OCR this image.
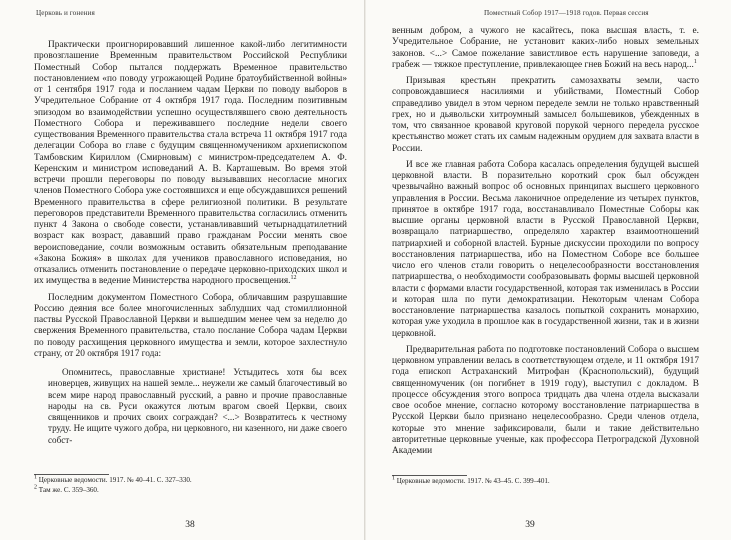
Церковь и гонения

Практически проигнорировавший лишенное какой-либо легитимности провозглашение Временным правительством Российской Республики Поместный Собор пытался поддержать Временное правительство постановлением «по поводу угрожающей Родине братоубийственной войны» от 1 сентября 1917 года и посланием чадам Церкви по поводу выборов в Учредительное Собрание от 4 октября 1917 года. Последним позитивным эпизодом во взаимодействии успешно осуществлявшего свою деятельность Поместного Собора и переживавшего последние недели своего существования Временного правительства стала встреча 11 октября 1917 года делегации Собора во главе с будущим священномучеником архиепископом Тамбовским Кириллом (Смирновым) с министром-председателем А. Ф. Керенским и министром исповеданий А. В. Карташевым. Во время этой встречи прошли переговоры по поводу вызывавших несогласие многих членов Поместного Собора уже состоявшихся и еще обсуждавшихся решений Временного правительства в сфере религиозной политики. В результате переговоров представители Временного правительства согласились отменить пункт 4 Закона о свободе совести, устанавливавший четырнадцатилетний возраст как возраст, дававший право гражданам России менять свое вероисповедание, сочли возможным оставить обязательным преподавание «Закона Божия» в школах для учеников православного исповедания, но отказались отменить постановление о передаче церковно-приходских школ и их имущества в ведение Министерства народного просвещения.$^{12}$

Последним документом Поместного Собора, обличавшим разрушавшие Россию деяния все более многочисленных заблудших чад стомиллионной паствы Русской Православной Церкви и вышедшим менее чем за неделю до свержения Временного правительства, стало послание Собора чадам Церкви по поводу расхищения церковного имущества и земли, которое захлестнуло страну, от 20 октября 1917 года:

Опомнитесь, православные христиане! Устыдитесь хотя бы всех иноверцев, живущих на нашей земле... неужели же самый благочестивый во всем мире народ православный русский, а равно и прочие православные народы на св. Руси окажутся лютым врагом своей Церкви, своих священников и прочих своих сограждан? <...> Возвратитесь к честному труду. Не ищите чужого добра, ни церковного, ни казенного, ни даже своего собст-

$^1$ Церковные ведомости. 1917. № 40–41. С. 327–330.
$^2$ Там же. С. 359–360.
38
Поместный Собор 1917—1918 годов. Первая сессия

венным добром, а чужого не касайтесь, пока высшая власть, т. е. Учредительное Собрание, не установит каких-либо новых земельных законов. <...> Самое пожелание завистливое есть нарушение заповеди, а грабеж — тяжкое преступление, привлекающее гнев Божий на весь народ...$^1$

Призывая крестьян прекратить самозахваты земли, часто сопровождавшиеся насилиями и убийствами, Поместный Собор справедливо увидел в этом черном переделе земли не только нравственный грех, но и дьявольски хитроумный замысел большевиков, убежденных в том, что связанное кровавой круговой порукой черного передела русское крестьянство может стать их самым надежным орудием для захвата власти в России.

И все же главная работа Собора касалась определения будущей высшей церковной власти. В поразительно короткий срок был обсужден чрезвычайно важный вопрос об основных принципах высшего церковного управления в России. Весьма лаконичное определение из четырех пунктов, принятое в октябре 1917 года, восстанавливало Поместные Соборы как высшие органы церковной власти в Русской Православной Церкви, возвращало патриаршество, определяло характер взаимоотношений патриархией и соборной властей. Бурные дискуссии проходили по вопросу восстановления патриаршества, ибо на Поместном Соборе все большее число его членов стали говорить о нецелесообразности восстановления патриаршества, о необходимости сообразовывать формы высшей церковной власти с формами власти государственной, которая так изменилась в России и которая шла по пути демократизации. Некоторым членам Собора восстановление патриаршества казалось попыткой сохранить монархию, которая уже уходила в прошлое как в государственной жизни, так и в жизни церковной.

Предварительная работа по подготовке постановлений Собора о высшем церковном управлении велась в соответствующем отделе, и 11 октября 1917 года епископ Астраханский Митрофан (Краснопольский), будущий священномученик (он погибнет в 1919 году), выступил с докладом. В процессе обсуждения этого вопроса тридцать два члена отдела высказали свое особое мнение, согласно которому восстановление патриаршества в Русской Церкви было признано нецелесообразно. Среди членов отдела, которые это мнение зафиксировали, были и такие действительно авторитетные церковные ученые, как профессора Петроградской Духовной Академии

$^1$ Церковные ведомости. 1917. № 43–45. С. 399–401.
39
